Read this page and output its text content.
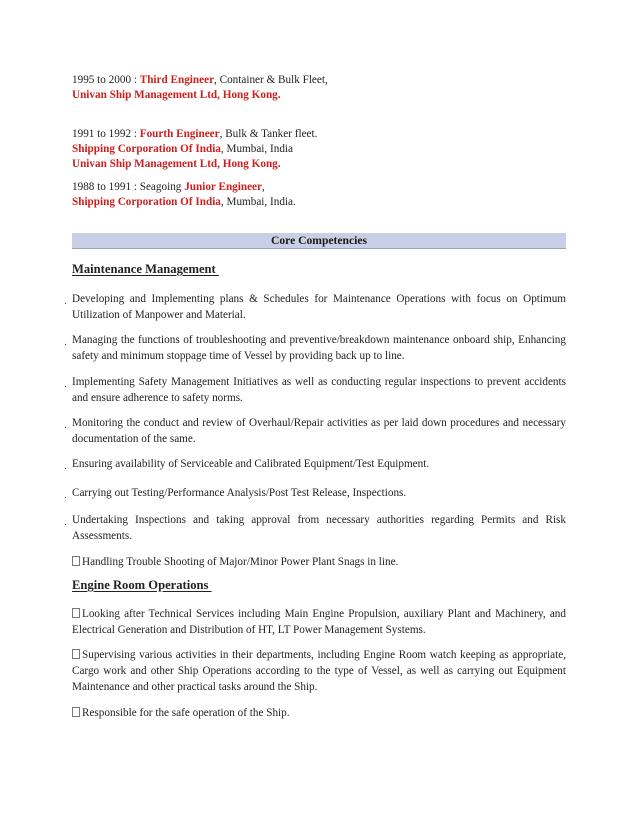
1995 to 2000 : Third Engineer, Container & Bulk Fleet,
Univan Ship Management Ltd, Hong Kong.
1991 to 1992 : Fourth Engineer, Bulk & Tanker fleet.
Shipping Corporation Of India, Mumbai, India
Univan Ship Management Ltd, Hong Kong.
1988 to 1991 : Seagoing Junior Engineer,
Shipping Corporation Of India, Mumbai, India.
Core Competencies
Maintenance Management
․ Developing and Implementing plans & Schedules for Maintenance Operations with focus on Optimum Utilization of Manpower and Material.
․ Managing the functions of troubleshooting and preventive/breakdown maintenance onboard ship, Enhancing safety and minimum stoppage time of Vessel by providing back up to line.
․ Implementing Safety Management Initiatives as well as conducting regular inspections to prevent accidents and ensure adherence to safety norms.
․ Monitoring the conduct and review of Overhaul/Repair activities as per laid down procedures and necessary documentation of the same.
․ Ensuring availability of Serviceable and Calibrated Equipment/Test Equipment.
․ Carrying out Testing/Performance Analysis/Post Test Release, Inspections.
․ Undertaking Inspections and taking approval from necessary authorities regarding Permits and Risk Assessments.
Handling Trouble Shooting of Major/Minor Power Plant Snags in line.
Engine Room Operations
Looking after Technical Services including Main Engine Propulsion, auxiliary Plant and Machinery, and Electrical Generation and Distribution of HT, LT Power Management Systems.
Supervising various activities in their departments, including Engine Room watch keeping as appropriate, Cargo work and other Ship Operations according to the type of Vessel, as well as carrying out Equipment Maintenance and other practical tasks around the Ship.
Responsible for the safe operation of the Ship.
